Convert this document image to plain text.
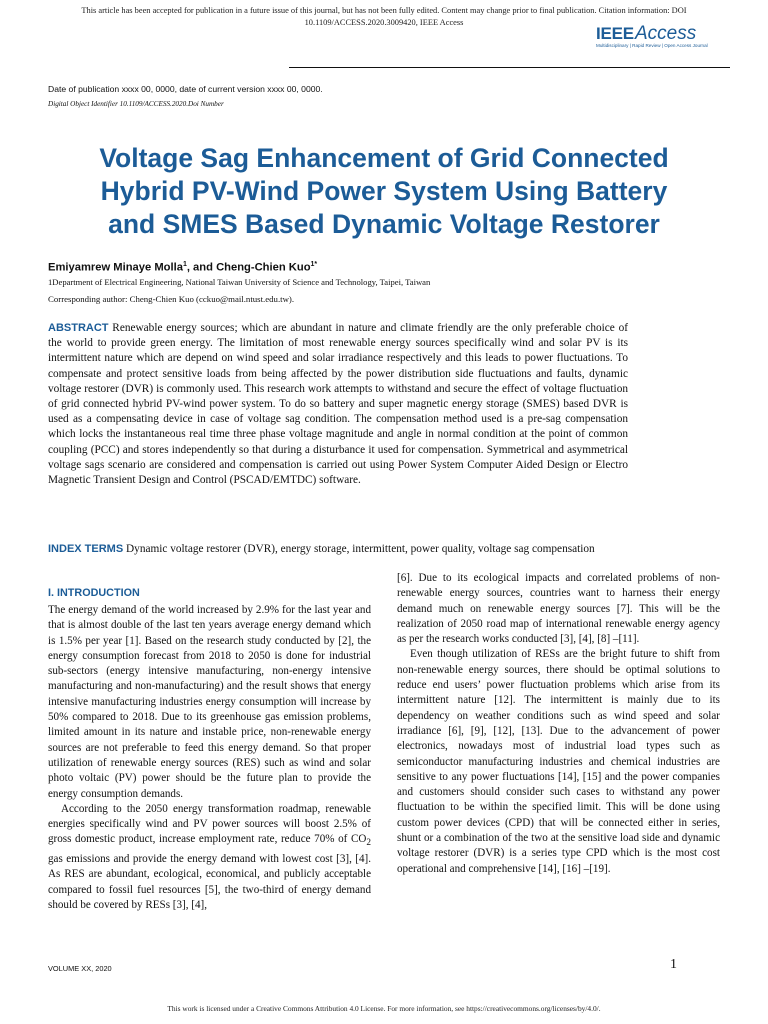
This article has been accepted for publication in a future issue of this journal, but has not been fully edited. Content may change prior to final publication. Citation information: DOI
10.1109/ACCESS.2020.3009420, IEEE Access
IEEEAccess
Multidisciplinary | Rapid Review | Open Access Journal
Date of publication xxxx 00, 0000, date of current version xxxx 00, 0000.
Digital Object Identifier 10.1109/ACCESS.2020.Doi Number
Voltage Sag Enhancement of Grid Connected
Hybrid PV-Wind Power System Using Battery
and SMES Based Dynamic Voltage Restorer
Emiyamrew Minaye Molla$^1$, and Cheng-Chien Kuo$^{1*}$
1Department of Electrical Engineering, National Taiwan University of Science and Technology, Taipei, Taiwan
Corresponding author: Cheng-Chien Kuo (cckuo@mail.ntust.edu.tw).
ABSTRACT Renewable energy sources; which are abundant in nature and climate friendly are the only preferable choice of the world to provide green energy. The limitation of most renewable energy sources specifically wind and solar PV is its intermittent nature which are depend on wind speed and solar irradiance respectively and this leads to power fluctuations. To compensate and protect sensitive loads from being affected by the power distribution side fluctuations and faults, dynamic voltage restorer (DVR) is commonly used. This research work attempts to withstand and secure the effect of voltage fluctuation of grid connected hybrid PV-wind power system. To do so battery and super magnetic energy storage (SMES) based DVR is used as a compensating device in case of voltage sag condition. The compensation method used is a pre-sag compensation which locks the instantaneous real time three phase voltage magnitude and angle in normal condition at the point of common coupling (PCC) and stores independently so that during a disturbance it used for compensation. Symmetrical and asymmetrical voltage sags scenario are considered and compensation is carried out using Power System Computer Aided Design or Electro Magnetic Transient Design and Control (PSCAD/EMTDC) software.
INDEX TERMS Dynamic voltage restorer (DVR), energy storage, intermittent, power quality, voltage sag compensation
I. INTRODUCTION

The energy demand of the world increased by 2.9% for the last year and that is almost double of the last ten years average energy demand which is 1.5% per year [1]. Based on the research study conducted by [2], the energy consumption forecast from 2018 to 2050 is done for industrial sub-sectors (energy intensive manufacturing, non-energy intensive manufacturing and non-manufacturing) and the result shows that energy intensive manufacturing industries energy consumption will increase by 50% compared to 2018. Due to its greenhouse gas emission problems, limited amount in its nature and instable price, non-renewable energy sources are not preferable to feed this energy demand. So that proper utilization of renewable energy sources (RES) such as wind and solar photo voltaic (PV) power should be the future plan to provide the energy consumption demands.

According to the 2050 energy transformation roadmap, renewable energies specifically wind and PV power sources will boost 2.5% of gross domestic product, increase employment rate, reduce 70% of $CO_2$ gas emissions and provide the energy demand with lowest cost [3], [4]. As RES are abundant, ecological, economical, and publicly acceptable compared to fossil fuel resources [5], the two-third of energy demand should be covered by RESs [3], [4],

[6]. Due to its ecological impacts and correlated problems of non-renewable energy sources, countries want to harness their energy demand much on renewable energy sources [7]. This will be the realization of 2050 road map of international renewable energy agency as per the research works conducted [3], [4], [8] –[11].

Even though utilization of RESs are the bright future to shift from non-renewable energy sources, there should be optimal solutions to reduce end users’ power fluctuation problems which arise from its intermittent nature [12]. The intermittent is mainly due to its dependency on weather conditions such as wind speed and solar irradiance [6], [9], [12], [13]. Due to the advancement of power electronics, nowadays most of industrial load types such as semiconductor manufacturing industries and chemical industries are sensitive to any power fluctuations [14], [15] and the power companies and customers should consider such cases to withstand any power fluctuation to be within the specified limit. This will be done using custom power devices (CPD) that will be connected either in series, shunt or a combination of the two at the sensitive load side and dynamic voltage restorer (DVR) is a series type CPD which is the most cost operational and comprehensive [14], [16] –[19].

VOLUME XX, 2020	1
This work is licensed under a Creative Commons Attribution 4.0 License. For more information, see https://creativecommons.org/licenses/by/4.0/.
